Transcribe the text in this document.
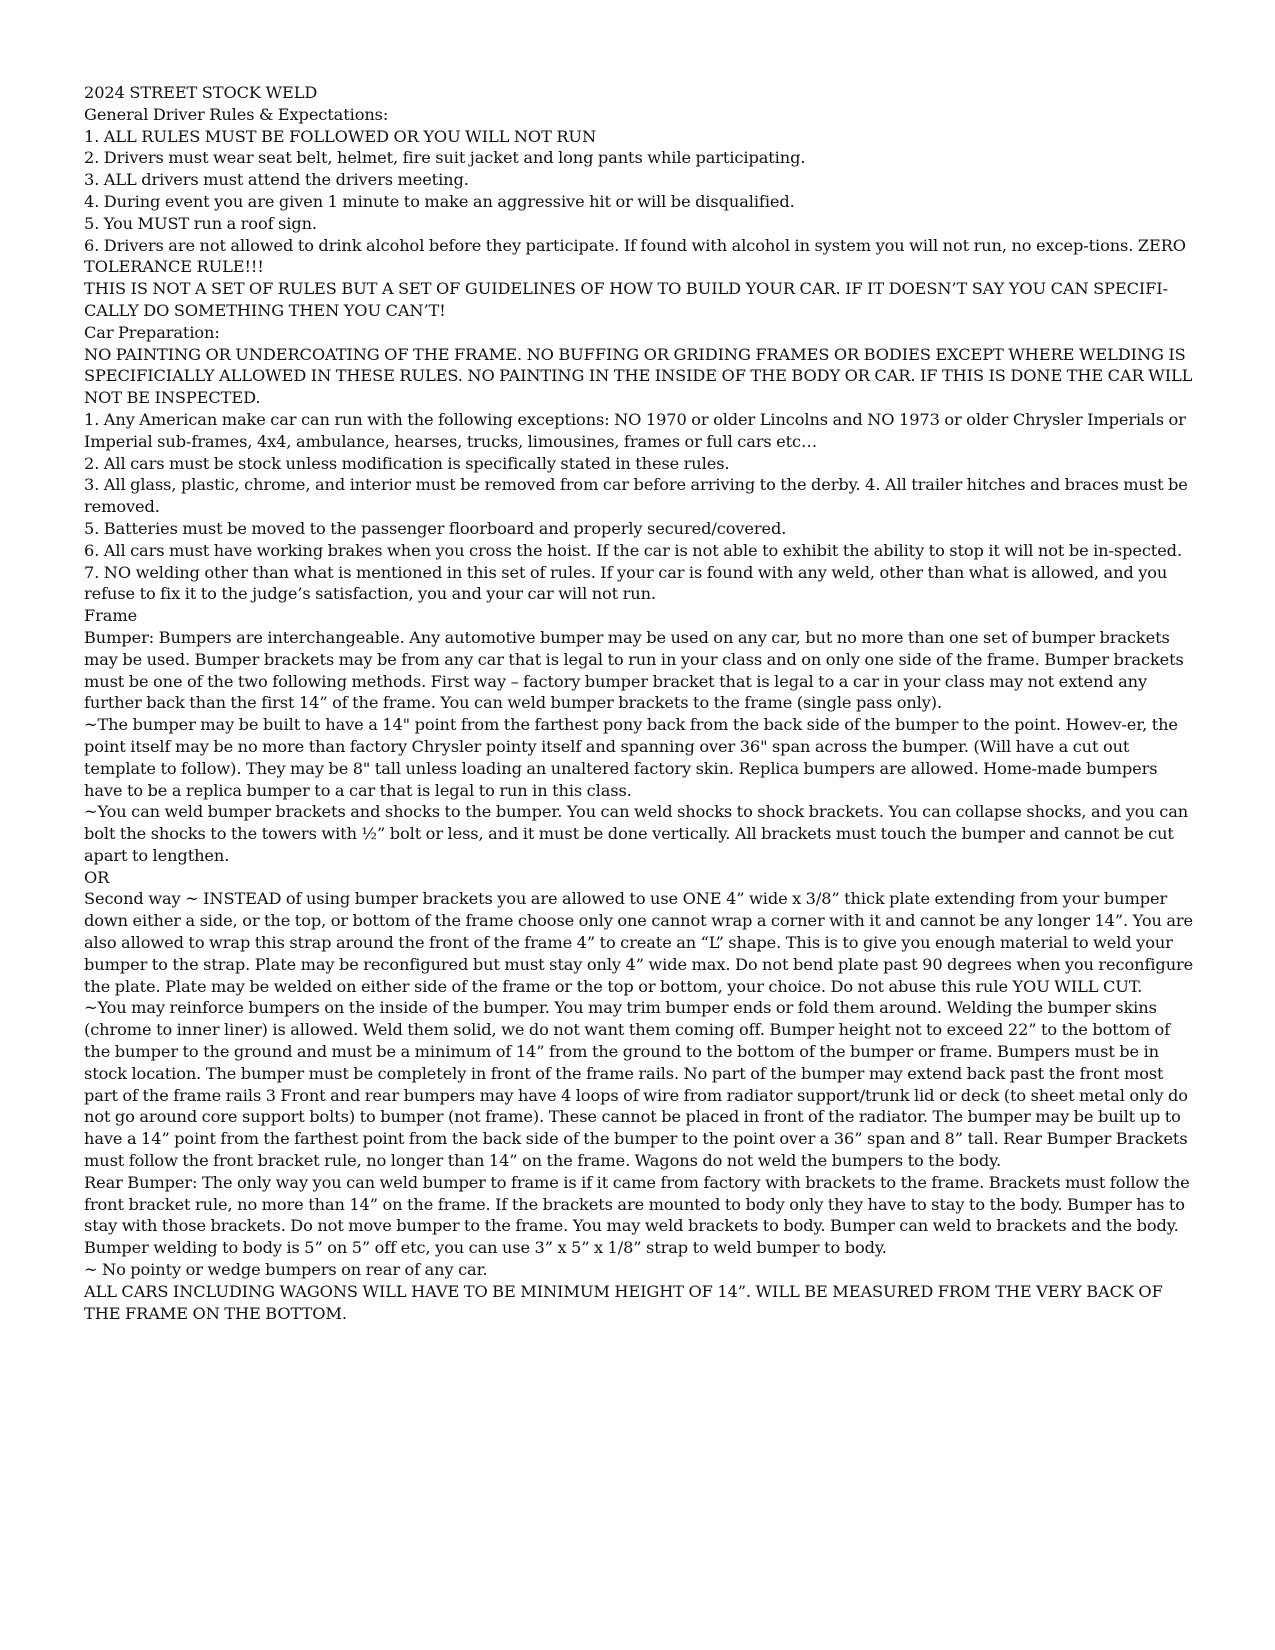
2024 STREET STOCK WELD

General Driver Rules & Expectations:

1. ALL RULES MUST BE FOLLOWED OR YOU WILL NOT RUN

2. Drivers must wear seat belt, helmet, fire suit jacket and long pants while participating.

3. ALL drivers must attend the drivers meeting.

4. During event you are given 1 minute to make an aggressive hit or will be disqualified.

5. You MUST run a roof sign.

6. Drivers are not allowed to drink alcohol before they participate. If found with alcohol in system you will not run, no excep-tions. ZERO TOLERANCE RULE!!!

THIS IS NOT A SET OF RULES BUT A SET OF GUIDELINES OF HOW TO BUILD YOUR CAR. IF IT DOESN’T SAY YOU CAN SPECIFI-CALLY DO SOMETHING THEN YOU CAN’T!

Car Preparation:

NO PAINTING OR UNDERCOATING OF THE FRAME. NO BUFFING OR GRIDING FRAMES OR BODIES EXCEPT WHERE WELDING IS SPECIFICIALLY ALLOWED IN THESE RULES. NO PAINTING IN THE INSIDE OF THE BODY OR CAR. IF THIS IS DONE THE CAR WILL NOT BE INSPECTED.

1. Any American make car can run with the following exceptions: NO 1970 or older Lincolns and NO 1973 or older Chrysler Imperials or Imperial sub-frames, 4x4, ambulance, hearses, trucks, limousines, frames or full cars etc…

2. All cars must be stock unless modification is specifically stated in these rules.

3. All glass, plastic, chrome, and interior must be removed from car before arriving to the derby. 4. All trailer hitches and braces must be removed.

5. Batteries must be moved to the passenger floorboard and properly secured/covered.

6. All cars must have working brakes when you cross the hoist. If the car is not able to exhibit the ability to stop it will not be in-spected.

7. NO welding other than what is mentioned in this set of rules. If your car is found with any weld, other than what is allowed, and you refuse to fix it to the judge’s satisfaction, you and your car will not run.

Frame

Bumper: Bumpers are interchangeable. Any automotive bumper may be used on any car, but no more than one set of bumper brackets may be used. Bumper brackets may be from any car that is legal to run in your class and on only one side of the frame. Bumper brackets must be one of the two following methods. First way – factory bumper bracket that is legal to a car in your class may not extend any further back than the first 14” of the frame. You can weld bumper brackets to the frame (single pass only).

~The bumper may be built to have a 14" point from the farthest pony back from the back side of the bumper to the point. Howev-er, the point itself may be no more than factory Chrysler pointy itself and spanning over 36" span across the bumper. (Will have a cut out template to follow). They may be 8" tall unless loading an unaltered factory skin. Replica bumpers are allowed. Home-made bumpers have to be a replica bumper to a car that is legal to run in this class.

~You can weld bumper brackets and shocks to the bumper. You can weld shocks to shock brackets. You can collapse shocks, and you can bolt the shocks to the towers with ½” bolt or less, and it must be done vertically. All brackets must touch the bumper and cannot be cut apart to lengthen.

OR

Second way ~ INSTEAD of using bumper brackets you are allowed to use ONE 4” wide x 3/8” thick plate extending from your bumper down either a side, or the top, or bottom of the frame choose only one cannot wrap a corner with it and cannot be any longer 14”. You are also allowed to wrap this strap around the front of the frame 4” to create an “L” shape. This is to give you enough material to weld your bumper to the strap. Plate may be reconfigured but must stay only 4” wide max. Do not bend plate past 90 degrees when you reconfigure the plate. Plate may be welded on either side of the frame or the top or bottom, your choice. Do not abuse this rule YOU WILL CUT.

~You may reinforce bumpers on the inside of the bumper. You may trim bumper ends or fold them around. Welding the bumper skins (chrome to inner liner) is allowed. Weld them solid, we do not want them coming off. Bumper height not to exceed 22” to the bottom of the bumper to the ground and must be a minimum of 14” from the ground to the bottom of the bumper or frame. Bumpers must be in stock location. The bumper must be completely in front of the frame rails. No part of the bumper may extend back past the front most part of the frame rails 3 Front and rear bumpers may have 4 loops of wire from radiator support/trunk lid or deck (to sheet metal only do not go around core support bolts) to bumper (not frame). These cannot be placed in front of the radiator. The bumper may be built up to have a 14” point from the farthest point from the back side of the bumper to the point over a 36” span and 8” tall. Rear Bumper Brackets must follow the front bracket rule, no longer than 14” on the frame. Wagons do not weld the bumpers to the body.

Rear Bumper: The only way you can weld bumper to frame is if it came from factory with brackets to the frame. Brackets must follow the front bracket rule, no more than 14” on the frame. If the brackets are mounted to body only they have to stay to the body. Bumper has to stay with those brackets. Do not move bumper to the frame. You may weld brackets to body. Bumper can weld to brackets and the body. Bumper welding to body is 5” on 5” off etc, you can use 3” x 5” x 1/8” strap to weld bumper to body.

~ No pointy or wedge bumpers on rear of any car.

ALL CARS INCLUDING WAGONS WILL HAVE TO BE MINIMUM HEIGHT OF 14”. WILL BE MEASURED FROM THE VERY BACK OF THE FRAME ON THE BOTTOM.
